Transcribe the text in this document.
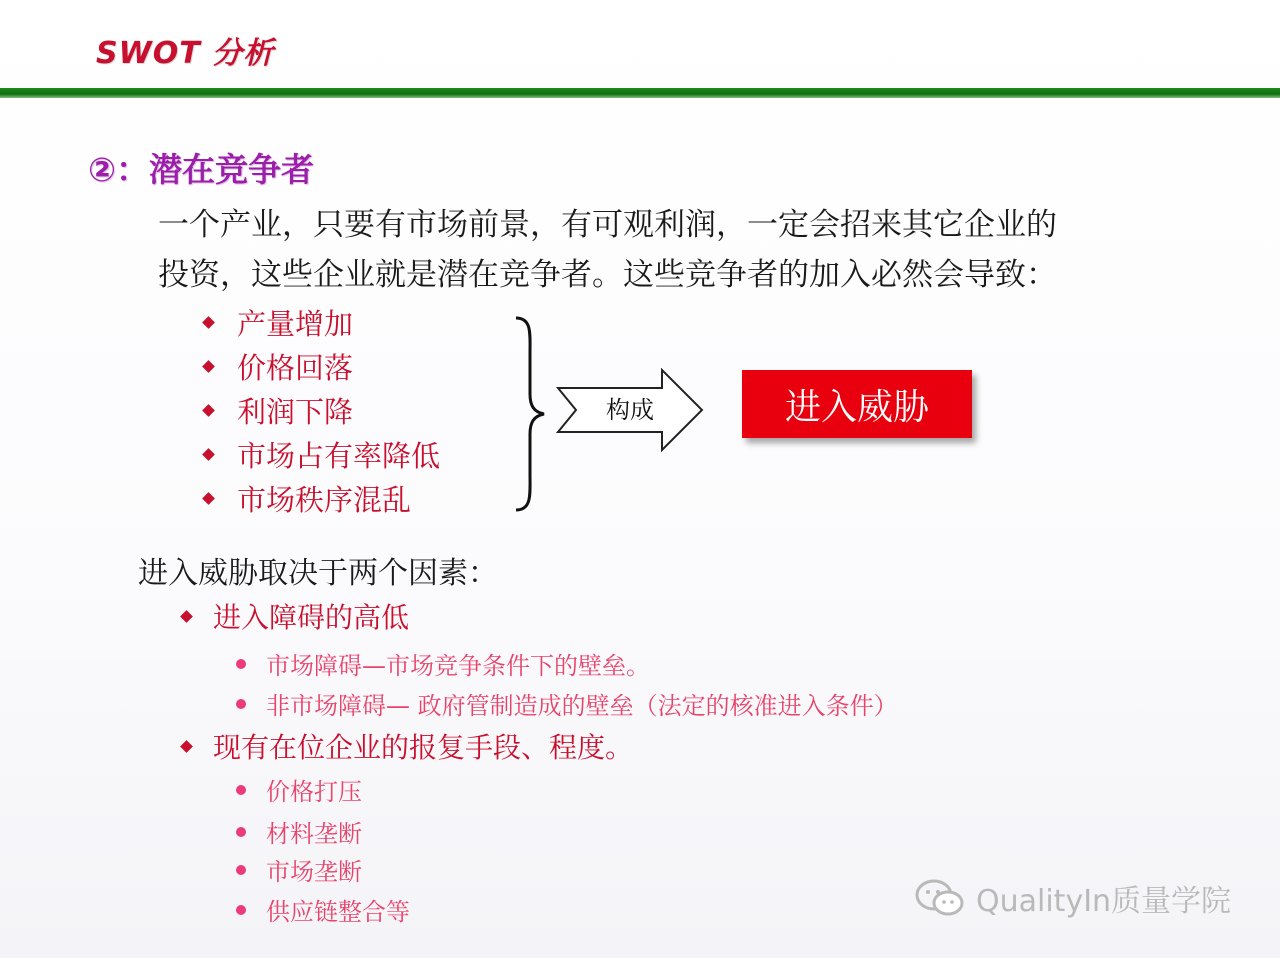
SWOT 分析
②：潜在竞争者
一个产业，只要有市场前景，有可观利润，一定会招来其它企业的
投资，这些企业就是潜在竞争者。这些竞争者的加入必然会导致：
产量增加
价格回落
利润下降
市场占有率降低
市场秩序混乱
构成	进入威胁
进入威胁取决于两个因素：
进入障碍的高低
市场障碍—市场竞争条件下的壁垒。
非市场障碍— 政府管制造成的壁垒（法定的核准进入条件）
现有在位企业的报复手段、程度。
价格打压
材料垄断
市场垄断
供应链整合等	QualityIn质量学院
